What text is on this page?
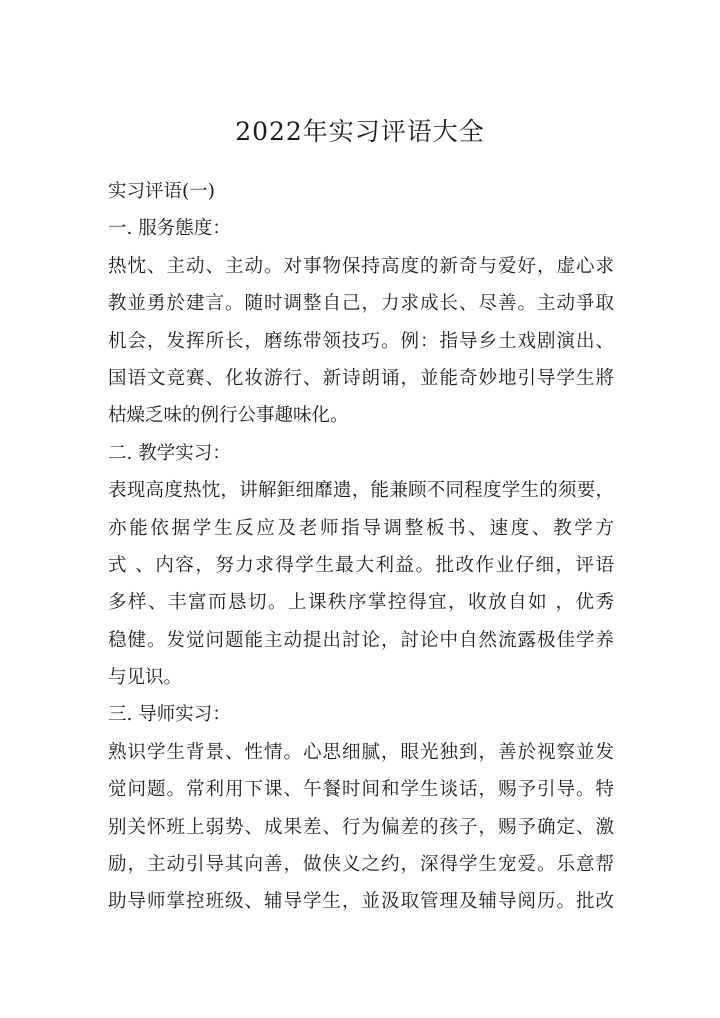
2022年实习评语大全
实习评语(一)
一. 服务態度：
热忱、主动、主动。对事物保持高度的新奇与爱好，虚心求
教並勇於建言。随时调整自己，力求成长、尽善。主动爭取
机会，发挥所长，磨练带领技巧。例：指导乡土戏剧演出、
国语文竞赛、化妆游行、新诗朗诵，並能奇妙地引导学生將
枯燥乏味的例行公事趣味化。
二. 教学实习：
表现高度热忱，讲解鉅细靡遗，能兼顾不同程度学生的须要，
亦能依据学生反应及老师指导调整板书、速度、教学方
式 、内容，努力求得学生最大利益。批改作业仔细，评语
多样、丰富而恳切。上课秩序掌控得宜，收放自如 ，优秀
稳健。发觉问题能主动提出討论，討论中自然流露极佳学养
与见识。
三. 导师实习：
熟识学生背景、性情。心思细腻，眼光独到，善於视察並发
觉问题。常利用下课、午餐时间和学生谈话，赐予引导。特
别关怀班上弱势、成果差、行为偏差的孩子，赐予确定、激
励，主动引导其向善，做侠义之约，深得学生宠爱。乐意帮
助导师掌控班级、辅导学生，並汲取管理及辅导阅历。批改
